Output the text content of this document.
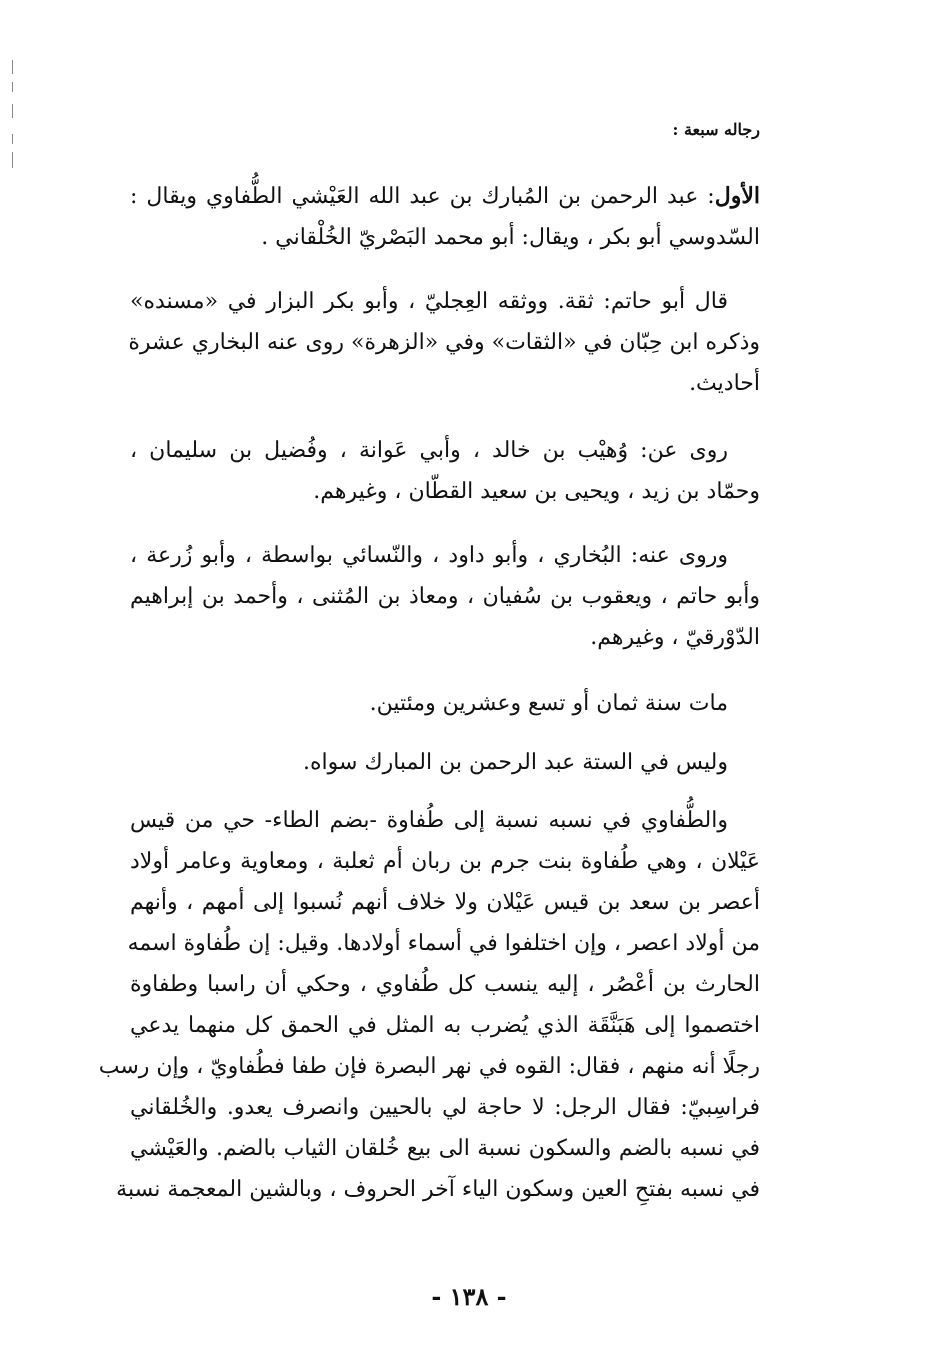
رجاله سبعة :
الأول: عبد الرحمن بن المُبارك بن عبد الله العَيْشي الطُّفاوي ويقال :
السّدوسي أبو بكر ، ويقال: أبو محمد البَصْريّ الخُلْقاني .
قال أبو حاتم: ثقة. ووثقه العِجليّ ، وأبو بكر البزار في «مسنده»
وذكره ابن حِبّان في «الثقات» وفي «الزهرة» روى عنه البخاري عشرة
أحاديث.
روى عن: وُهيْب بن خالد ، وأبي عَوانة ، وفُضيل بن سليمان ،
وحمّاد بن زيد ، ويحيى بن سعيد القطّان ، وغيرهم.
وروى عنه: البُخاري ، وأبو داود ، والنّسائي بواسطة ، وأبو زُرعة ،
وأبو حاتم ، ويعقوب بن سُفيان ، ومعاذ بن المُثنى ، وأحمد بن إبراهيم
الدّوْرقيّ ، وغيرهم.
مات سنة ثمان أو تسع وعشرين ومئتين.
وليس في الستة عبد الرحمن بن المبارك سواه.
والطُّفاوي في نسبه نسبة إلى طُفاوة -بضم الطاء- حي من قيس
عَيْلان ، وهي طُفاوة بنت جرم بن ربان أم ثعلبة ، ومعاوية وعامر أولاد
أعصر بن سعد بن قيس عَيْلان ولا خلاف أنهم نُسبوا إلى أمهم ، وأنهم
من أولاد اعصر ، وإن اختلفوا في أسماء أولادها. وقيل: إن طُفاوة اسمه
الحارث بن أعْصُر ، إليه ينسب كل طُفاوي ، وحكي أن راسبا وطفاوة
اختصموا إلى هَبَنَّقَة الذي يُضرب به المثل في الحمق كل منهما يدعي
رجلًا أنه منهم ، فقال: القوه في نهر البصرة فإن طفا فطُفاويّ ، وإن رسب
فراسِبيّ: فقال الرجل: لا حاجة لي بالحيين وانصرف يعدو. والخُلقاني
في نسبه بالضم والسكون نسبة الى بيع خُلقان الثياب بالضم. والعَيْشي
في نسبه بفتحِ العين وسكون الياء آخر الحروف ، وبالشين المعجمة نسبة
- ١٣٨ -
